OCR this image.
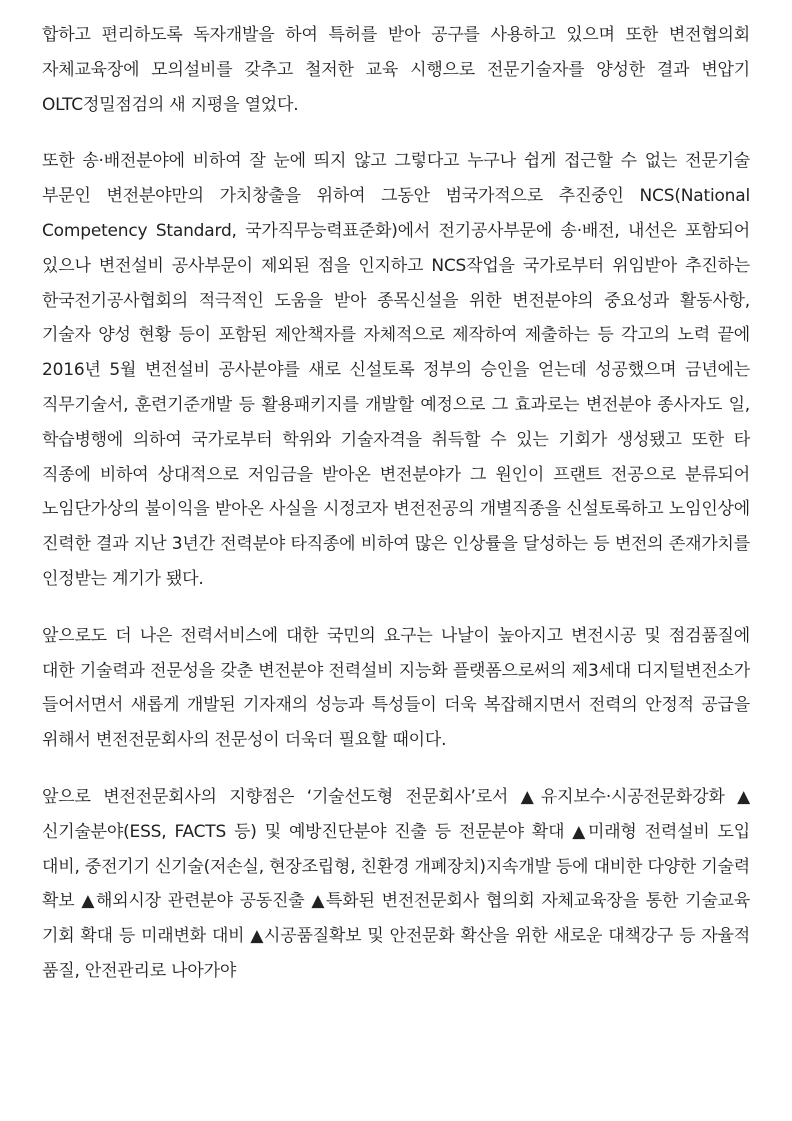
합하고 편리하도록 독자개발을 하여 특허를 받아 공구를 사용하고 있으며 또한 변전협의회 자체교육장에 모의설비를 갖추고 철저한 교육 시행으로 전문기술자를 양성한 결과 변압기 OLTC정밀점검의 새 지평을 열었다.

또한 송·배전분야에 비하여 잘 눈에 띄지 않고 그렇다고 누구나 쉽게 접근할 수 없는 전문기술 부문인 변전분야만의 가치창출을 위하여 그동안 범국가적으로 추진중인 NCS(National Competency Standard, 국가직무능력표준화)에서 전기공사부문에 송·배전, 내선은 포함되어 있으나 변전설비 공사부문이 제외된 점을 인지하고 NCS작업을 국가로부터 위임받아 추진하는 한국전기공사협회의 적극적인 도움을 받아 종목신설을 위한 변전분야의 중요성과 활동사항, 기술자 양성 현황 등이 포함된 제안책자를 자체적으로 제작하여 제출하는 등 각고의 노력 끝에 2016년 5월 변전설비 공사분야를 새로 신설토록 정부의 승인을 얻는데 성공했으며 금년에는 직무기술서, 훈련기준개발 등 활용패키지를 개발할 예정으로 그 효과로는 변전분야 종사자도 일, 학습병행에 의하여 국가로부터 학위와 기술자격을 취득할 수 있는 기회가 생성됐고 또한 타 직종에 비하여 상대적으로 저임금을 받아온 변전분야가 그 원인이 프랜트 전공으로 분류되어 노임단가상의 불이익을 받아온 사실을 시정코자 변전전공의 개별직종을 신설토록하고 노임인상에 진력한 결과 지난 3년간 전력분야 타직종에 비하여 많은 인상률을 달성하는 등 변전의 존재가치를 인정받는 계기가 됐다.

앞으로도 더 나은 전력서비스에 대한 국민의 요구는 나날이 높아지고 변전시공 및 점검품질에 대한 기술력과 전문성을 갖춘 변전분야 전력설비 지능화 플랫폼으로써의 제3세대 디지털변전소가 들어서면서 새롭게 개발된 기자재의 성능과 특성들이 더욱 복잡해지면서 전력의 안정적 공급을 위해서 변전전문회사의 전문성이 더욱더 필요할 때이다.

앞으로 변전전문회사의 지향점은 ‘기술선도형 전문회사’로서 ▲유지보수·시공전문화강화 ▲신기술분야(ESS, FACTS 등) 및 예방진단분야 진출 등 전문분야 확대 ▲미래형 전력설비 도입 대비, 중전기기 신기술(저손실, 현장조립형, 친환경 개폐장치)지속개발 등에 대비한 다양한 기술력 확보 ▲해외시장 관련분야 공동진출 ▲특화된 변전전문회사 협의회 자체교육장을 통한 기술교육 기회 확대 등 미래변화 대비 ▲시공품질확보 및 안전문화 확산을 위한 새로운 대책강구 등 자율적 품질, 안전관리로 나아가야
